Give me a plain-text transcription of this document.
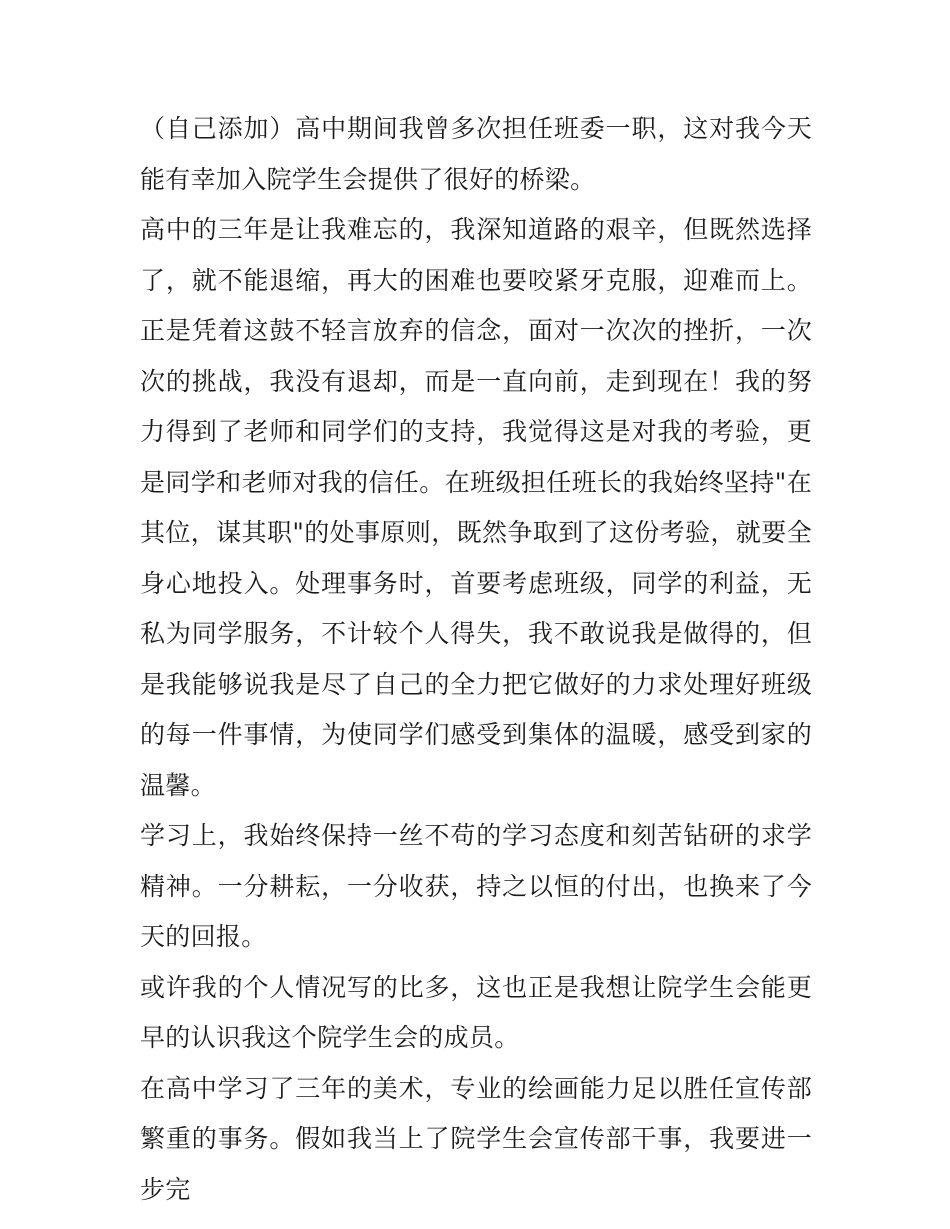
（自己添加）高中期间我曾多次担任班委一职，这对我今天能有幸加入院学生会提供了很好的桥梁。

高中的三年是让我难忘的，我深知道路的艰辛，但既然选择了，就不能退缩，再大的困难也要咬紧牙克服，迎难而上。正是凭着这鼓不轻言放弃的信念，面对一次次的挫折，一次次的挑战，我没有退却，而是一直向前，走到现在！我的努力得到了老师和同学们的支持，我觉得这是对我的考验，更是同学和老师对我的信任。在班级担任班长的我始终坚持"在其位，谋其职"的处事原则，既然争取到了这份考验，就要全身心地投入。处理事务时，首要考虑班级，同学的利益，无私为同学服务，不计较个人得失，我不敢说我是做得的，但是我能够说我是尽了自己的全力把它做好的力求处理好班级的每一件事情，为使同学们感受到集体的温暖，感受到家的温馨。

学习上，我始终保持一丝不苟的学习态度和刻苦钻研的求学精神。一分耕耘，一分收获，持之以恒的付出，也换来了今天的回报。

或许我的个人情况写的比多，这也正是我想让院学生会能更早的认识我这个院学生会的成员。

在高中学习了三年的美术，专业的绘画能力足以胜任宣传部繁重的事务。假如我当上了院学生会宣传部干事，我要进一步完
